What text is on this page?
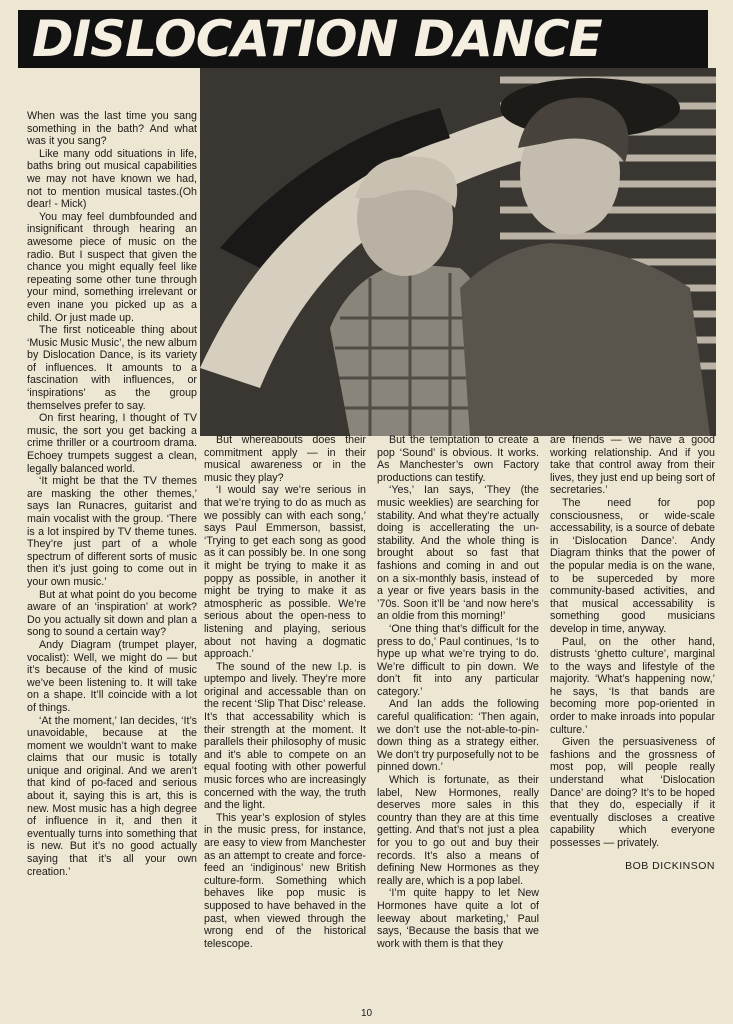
DISLOCATION DANCE

When was the last time you sang something in the bath? And what was it you sang?

Like many odd situations in life, baths bring out musical capabilities we may not have known we had, not to mention musical tastes.(Oh dear! - Mick)

You may feel dumbfounded and insignificant through hearing an awesome piece of music on the radio. But I suspect that given the chance you might equally feel like repeating some other tune through your mind, something irrelevant or even inane you picked up as a child. Or just made up.

The first noticeable thing about ‘Music Music Music’, the new album by Dislocation Dance, is its variety of influences. It amounts to a fascination with influences, or ‘inspirations’ as the group themselves prefer to say.

On first hearing, I thought of TV music, the sort you get backing a crime thriller or a courtroom drama. Echoey trumpets suggest a clean, legally balanced world.

‘It might be that the TV themes are masking the other themes,’ says Ian Runacres, guitarist and main vocalist with the group. ‘There is a lot inspired by TV theme tunes. They’re just part of a whole spectrum of different sorts of music then it’s just going to come out in your own music.’

But at what point do you become aware of an ‘inspiration’ at work? Do you actually sit down and plan a song to sound a certain way?

Andy Diagram (trumpet player, vocalist): Well, we might do — but it’s because of the kind of music we’ve been listening to. It will take on a shape. It’ll coincide with a lot of things.

‘At the moment,’ Ian decides, ‘It’s unavoidable, because at the moment we wouldn’t want to make claims that our music is totally unique and original. And we aren’t that kind of po-faced and serious about it, saying this is art, this is new. Most music has a high degree of influence in it, and then it eventually turns into something that is new. But it’s no good actually saying that it’s all your own creation.’

But whereabouts does their commitment apply — in their musical awareness or in the music they play?

‘I would say we’re serious in that we’re trying to do as much as we possibly can with each song,’ says Paul Emmerson, bassist, ‘Trying to get each song as good as it can possibly be. In one song it might be trying to make it as poppy as possible, in another it might be trying to make it as atmospheric as possible. We’re serious about the open-ness to listening and playing, serious about not having a dogmatic approach.’

The sound of the new l.p. is uptempo and lively. They’re more original and accessable than on the recent ‘Slip That Disc’ release. It’s that accessability which is their strength at the moment. It parallels their philosophy of music and it’s able to compete on an equal footing with other powerful music forces who are increasingly concerned with the way, the truth and the light.

This year’s explosion of styles in the music press, for instance, are easy to view from Manchester as an attempt to create and force-feed an ‘indiginous’ new British culture-form. Something which behaves like pop music is supposed to have behaved in the past, when viewed through the wrong end of the historical telescope.

But the temptation to create a pop ‘Sound’ is obvious. It works. As Manchester’s own Factory productions can testify.

‘Yes,’ Ian says, ‘They (the music weeklies) are searching for stability. And what they’re actually doing is accellerating the un-stability. And the whole thing is brought about so fast that fashions and coming in and out on a six-monthly basis, instead of a year or five years basis in the ’70s. Soon it’ll be ‘and now here’s an oldie from this morning!’

‘One thing that’s difficult for the press to do,’ Paul continues, ‘Is to hype up what we’re trying to do. We’re difficult to pin down. We don’t fit into any particular category.’

And Ian adds the following careful qualification: ‘Then again, we don’t use the not-able-to-pin-down thing as a strategy either. We don’t try purposefully not to be pinned down.’

Which is fortunate, as their label, New Hormones, really deserves more sales in this country than they are at this time getting. And that’s not just a plea for you to go out and buy their records. It’s also a means of defining New Hormones as they really are, which is a pop label.

‘I’m quite happy to let New Hormones have quite a lot of leeway about marketing,’ Paul says, ‘Because the basis that we work with them is that they

are friends — we have a good working relationship. And if you take that control away from their lives, they just end up being sort of secretaries.’

The need for pop consciousness, or wide-scale accessability, is a source of debate in ‘Dislocation Dance’. Andy Diagram thinks that the power of the popular media is on the wane, to be superceded by more community-based activities, and that musical accessability is something good musicians develop in time, anyway.

Paul, on the other hand, distrusts ‘ghetto culture’, marginal to the ways and lifestyle of the majority. ‘What’s happening now,’ he says, ‘Is that bands are becoming more pop-oriented in order to make inroads into popular culture.’

Given the persuasiveness of fashions and the grossness of most pop, will people really understand what ‘Dislocation Dance’ are doing? It’s to be hoped that they do, especially if it eventually discloses a creative capability which everyone possesses — privately.

BOB DICKINSON
10
